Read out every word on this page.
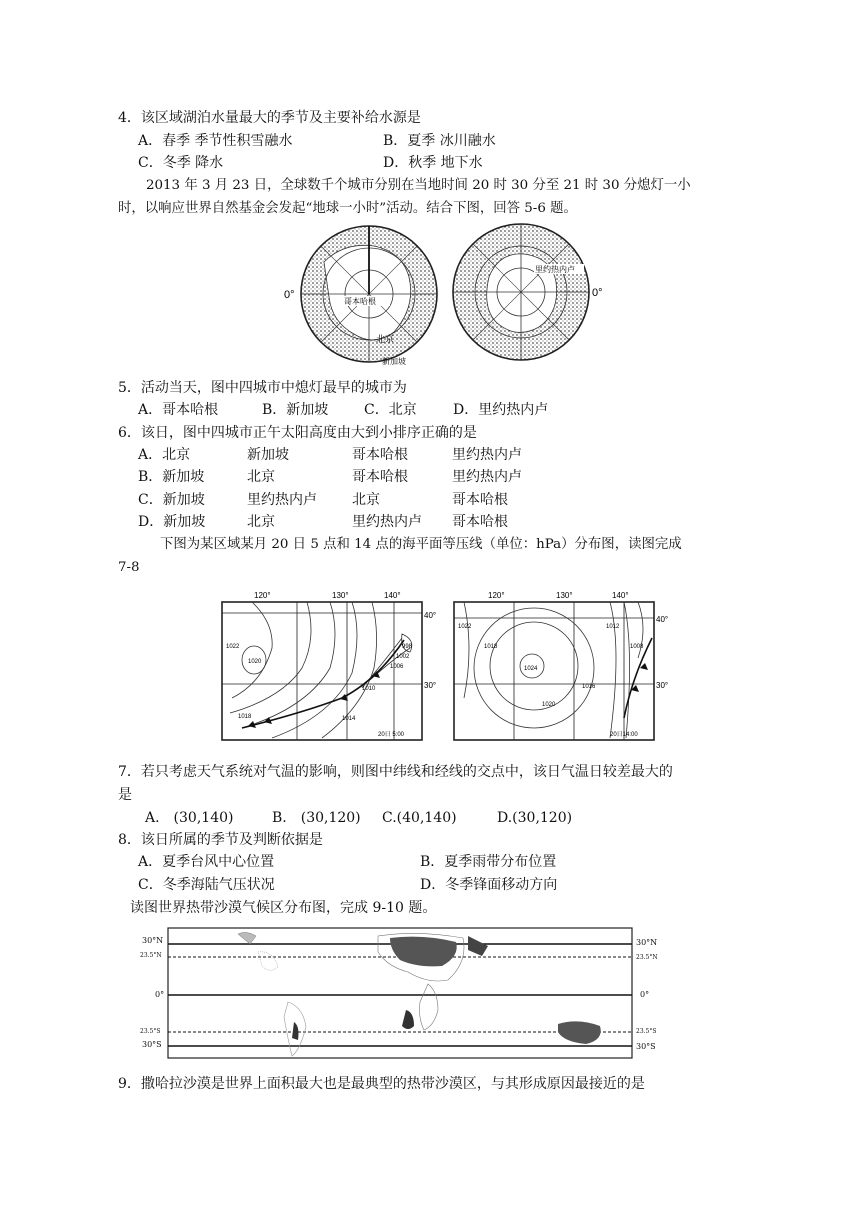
4．该区域湖泊水量最大的季节及主要补给水源是
A．春季 季节性积雪融水	B．夏季 冰川融水
C．冬季 降水	D．秋季 地下水
2013 年 3 月 23 日，全球数千个城市分别在当地时间 20 时 30 分至 21 时 30 分熄灯一小
时，以响应世界自然基金会发起“地球一小时”活动。结合下图，回答 5-6 题。
0°
哥本哈根
北京
新加坡
里约热内卢
0°
5．活动当天，图中四城市中熄灯最早的城市为
A．哥本哈根	B．新加坡	C．北京	D．里约热内卢
6．该日，图中四城市正午太阳高度由大到小排序正确的是
A．北京	新加坡	哥本哈根	里约热内卢
B．新加坡	北京	哥本哈根	里约热内卢
C．新加坡	里约热内卢	北京	哥本哈根
D．新加坡	北京	里约热内卢 哥本哈根
下图为某区域某月 20 日 5 点和 14 点的海平面等压线（单位：hPa）分布图，读图完成
7-8
120°	130°	140°
40°
30°
1020
1022
1018	1014
1010
1006
1002
998
20日 5:00
120°	130°	140°
40°
30°
1022
1018
1024
1020
1016
1012
1008
20日14:00
7．若只考虑天气系统对气温的影响，则图中纬线和经线的交点中，该日气温日较差最大的
是
A.　(30,140)	B.　(30,120) C.(40,140)	D.(30,120)
8．该日所属的季节及判断依据是
A．夏季台风中心位置	B．夏季雨带分布位置
C．冬季海陆气压状况	D．冬季锋面移动方向
读图世界热带沙漠气候区分布图，完成 9-10 题。
30°N
23.5°N
0°
23.5°S
30°S
30°N
23.5°N
0°
23.5°S
30°S
9．撒哈拉沙漠是世界上面积最大也是最典型的热带沙漠区，与其形成原因最接近的是
